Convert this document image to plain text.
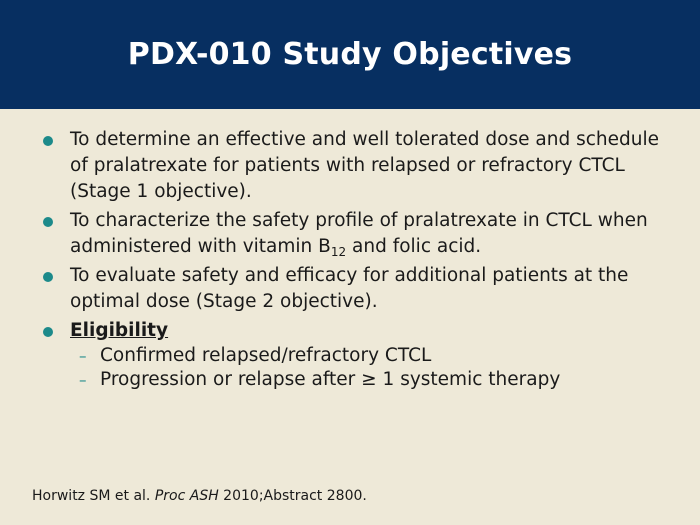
PDX-010 Study Objectives
To determine an effective and well tolerated dose and schedule of pralatrexate for patients with relapsed or refractory CTCL (Stage 1 objective).
To characterize the safety profile of pralatrexate in CTCL when administered with vitamin $B_{12}$ and folic acid.
To evaluate safety and efficacy for additional patients at the optimal dose (Stage 2 objective).
Eligibility
– Confirmed relapsed/refractory CTCL
– Progression or relapse after ≥ 1 systemic therapy
Horwitz SM et al. Proc ASH 2010;Abstract 2800.
